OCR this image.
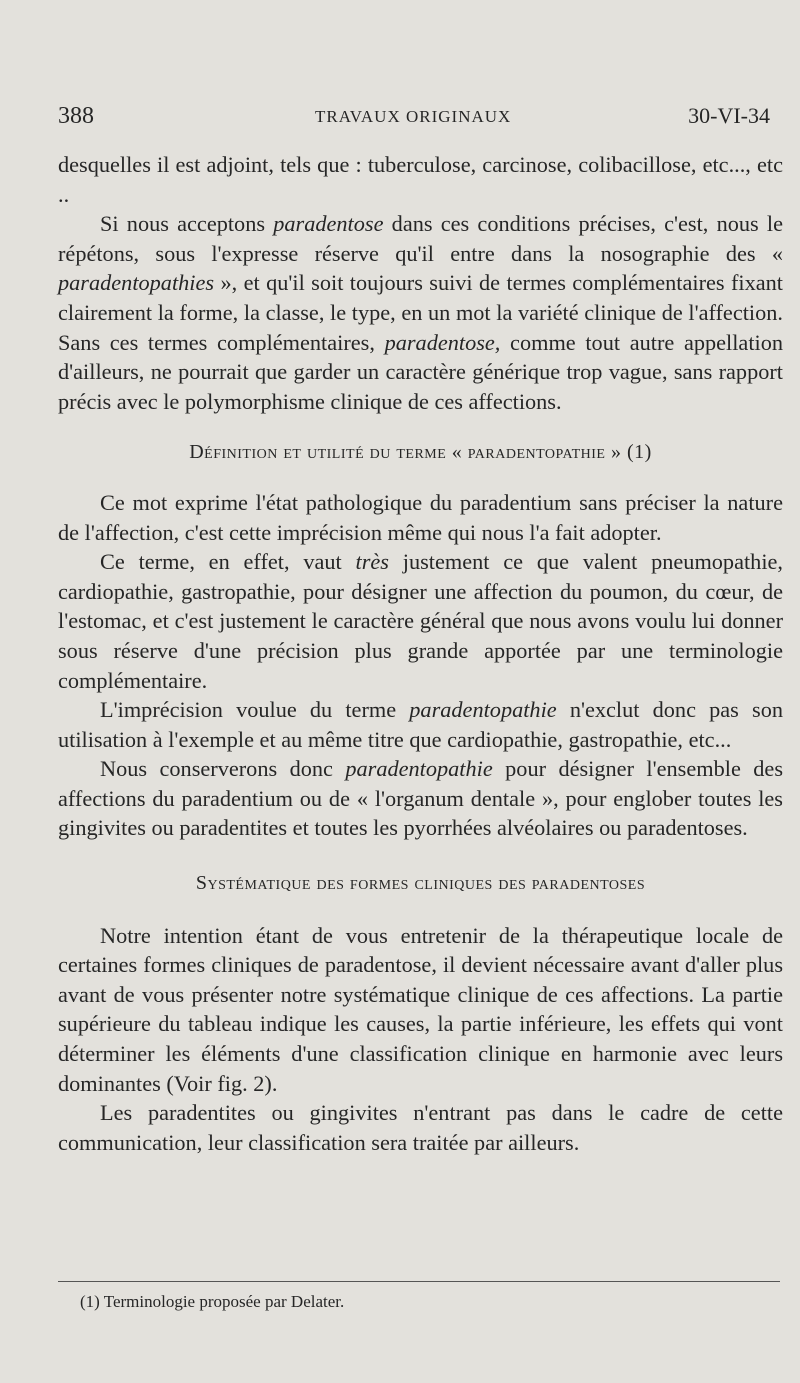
388	TRAVAUX ORIGINAUX	30-VI-34

desquelles il est adjoint, tels que : tuberculose, carcinose, colibacillose, etc..., etc ..

Si nous acceptons paradentose dans ces conditions précises, c'est, nous le répétons, sous l'expresse réserve qu'il entre dans la nosographie des « paradentopathies », et qu'il soit toujours suivi de termes complémentaires fixant clairement la forme, la classe, le type, en un mot la variété clinique de l'affection. Sans ces termes complémentaires, paradentose, comme tout autre appellation d'ailleurs, ne pourrait que garder un caractère générique trop vague, sans rapport précis avec le polymorphisme clinique de ces affections.

Définition et utilité du terme « paradentopathie » (1)

Ce mot exprime l'état pathologique du paradentium sans préciser la nature de l'affection, c'est cette imprécision même qui nous l'a fait adopter.

Ce terme, en effet, vaut très justement ce que valent pneumopathie, cardiopathie, gastropathie, pour désigner une affection du poumon, du cœur, de l'estomac, et c'est justement le caractère général que nous avons voulu lui donner sous réserve d'une précision plus grande apportée par une terminologie complémentaire.

L'imprécision voulue du terme paradentopathie n'exclut donc pas son utilisation à l'exemple et au même titre que cardiopathie, gastropathie, etc...

Nous conserverons donc paradentopathie pour désigner l'ensemble des affections du paradentium ou de « l'organum dentale », pour englober toutes les gingivites ou paradentites et toutes les pyorrhées alvéolaires ou paradentoses.

Systématique des formes cliniques des paradentoses

Notre intention étant de vous entretenir de la thérapeutique locale de certaines formes cliniques de paradentose, il devient nécessaire avant d'aller plus avant de vous présenter notre systématique clinique de ces affections. La partie supérieure du tableau indique les causes, la partie inférieure, les effets qui vont déterminer les éléments d'une classification clinique en harmonie avec leurs dominantes (Voir fig. 2).

Les paradentites ou gingivites n'entrant pas dans le cadre de cette communication, leur classification sera traitée par ailleurs.

(1) Terminologie proposée par Delater.
